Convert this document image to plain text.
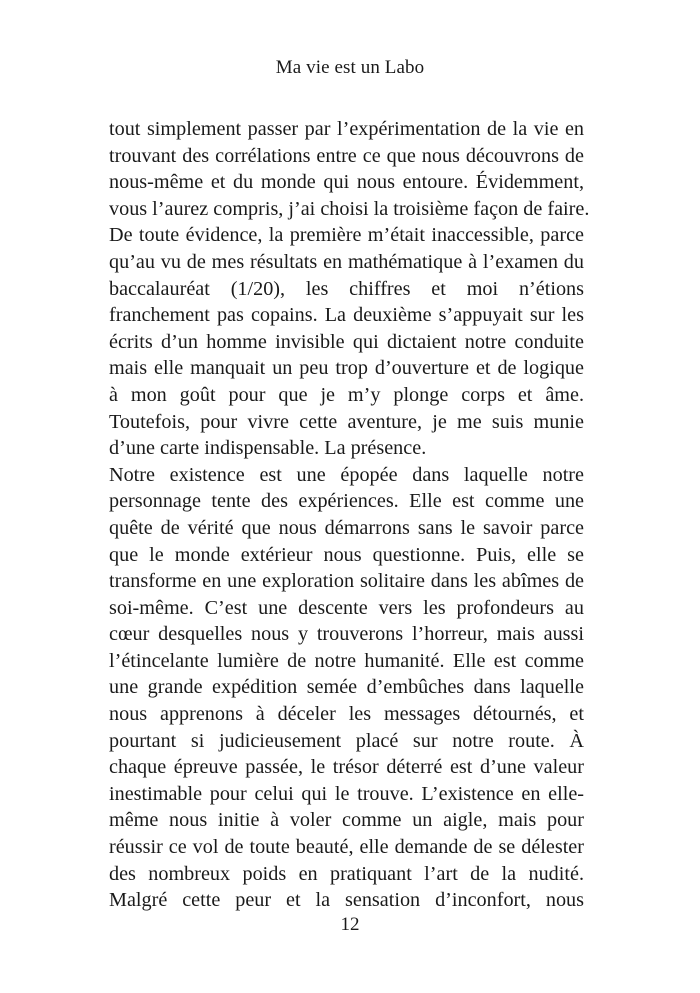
Ma vie est un Labo
tout simplement passer par l’expérimentation de la vie en
trouvant des corrélations entre ce que nous découvrons de
nous-même et du monde qui nous entoure. Évidemment,
vous l’aurez compris, j’ai choisi la troisième façon de faire.
De toute évidence, la première m’était inaccessible, parce
qu’au vu de mes résultats en mathématique à l’examen du
baccalauréat (1/20), les chiffres et moi n’étions
franchement pas copains. La deuxième s’appuyait sur les
écrits d’un homme invisible qui dictaient notre conduite
mais elle manquait un peu trop d’ouverture et de logique
à mon goût pour que je m’y plonge corps et âme.
Toutefois, pour vivre cette aventure, je me suis munie
d’une carte indispensable. La présence.
Notre existence est une épopée dans laquelle notre
personnage tente des expériences. Elle est comme une
quête de vérité que nous démarrons sans le savoir parce
que le monde extérieur nous questionne. Puis, elle se
transforme en une exploration solitaire dans les abîmes de
soi-même. C’est une descente vers les profondeurs au
cœur desquelles nous y trouverons l’horreur, mais aussi
l’étincelante lumière de notre humanité. Elle est comme
une grande expédition semée d’embûches dans laquelle
nous apprenons à déceler les messages détournés, et
pourtant si judicieusement placé sur notre route. À
chaque épreuve passée, le trésor déterré est d’une valeur
inestimable pour celui qui le trouve. L’existence en elle-
même nous initie à voler comme un aigle, mais pour
réussir ce vol de toute beauté, elle demande de se délester
des nombreux poids en pratiquant l’art de la nudité.
Malgré cette peur et la sensation d’inconfort, nous
12
